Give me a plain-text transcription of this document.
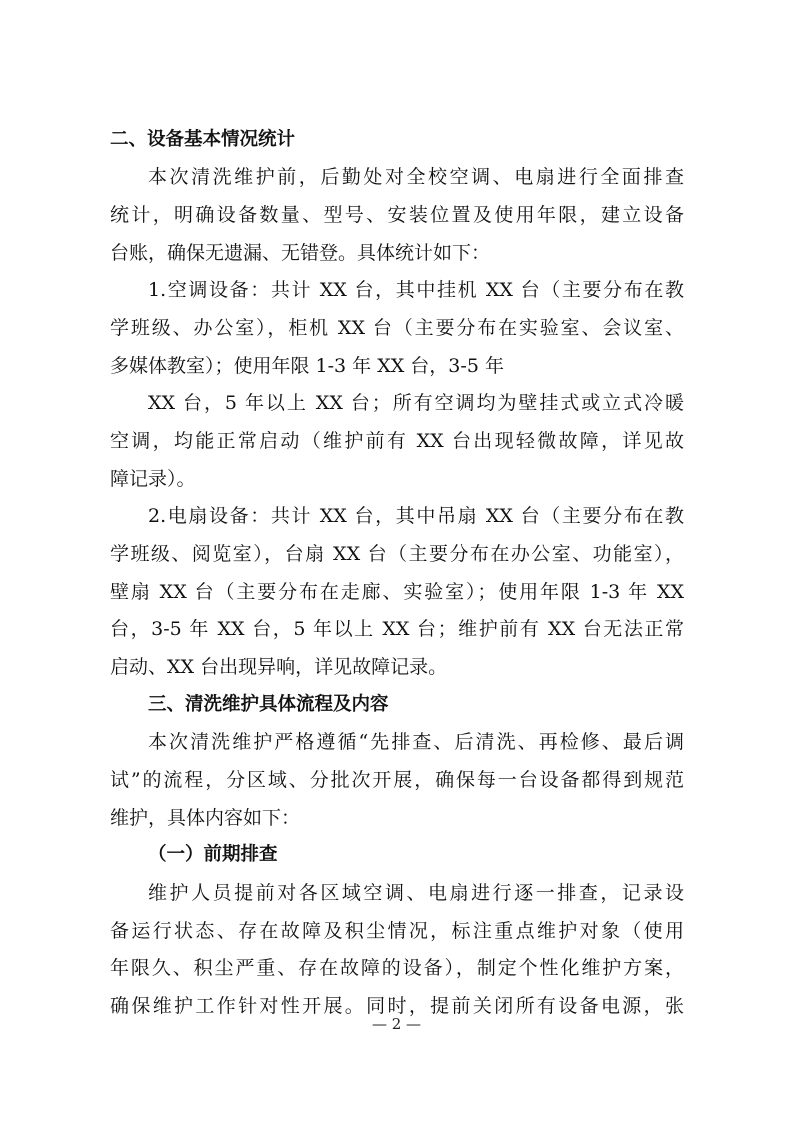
二、设备基本情况统计
本次清洗维护前，后勤处对全校空调、电扇进行全面排查
统计，明确设备数量、型号、安装位置及使用年限，建立设备
台账，确保无遗漏、无错登。具体统计如下：
1.空调设备：共计 XX 台，其中挂机 XX 台（主要分布在教
学班级、办公室），柜机 XX 台（主要分布在实验室、会议室、
多媒体教室）；使用年限 1-3 年 XX 台，3-5 年
XX 台，5 年以上 XX 台；所有空调均为壁挂式或立式冷暖
空调，均能正常启动（维护前有 XX 台出现轻微故障，详见故
障记录）。
2.电扇设备：共计 XX 台，其中吊扇 XX 台（主要分布在教
学班级、阅览室），台扇 XX 台（主要分布在办公室、功能室），
壁扇 XX 台（主要分布在走廊、实验室）；使用年限 1-3 年 XX
台，3-5 年 XX 台，5 年以上 XX 台；维护前有 XX 台无法正常
启动、XX 台出现异响，详见故障记录。
三、清洗维护具体流程及内容
本次清洗维护严格遵循“先排查、后清洗、再检修、最后调
试”的流程，分区域、分批次开展，确保每一台设备都得到规范
维护，具体内容如下：
（一）前期排查
维护人员提前对各区域空调、电扇进行逐一排查，记录设
备运行状态、存在故障及积尘情况，标注重点维护对象（使用
年限久、积尘严重、存在故障的设备），制定个性化维护方案，
确保维护工作针对性开展。同时，提前关闭所有设备电源，张
— 2 —
